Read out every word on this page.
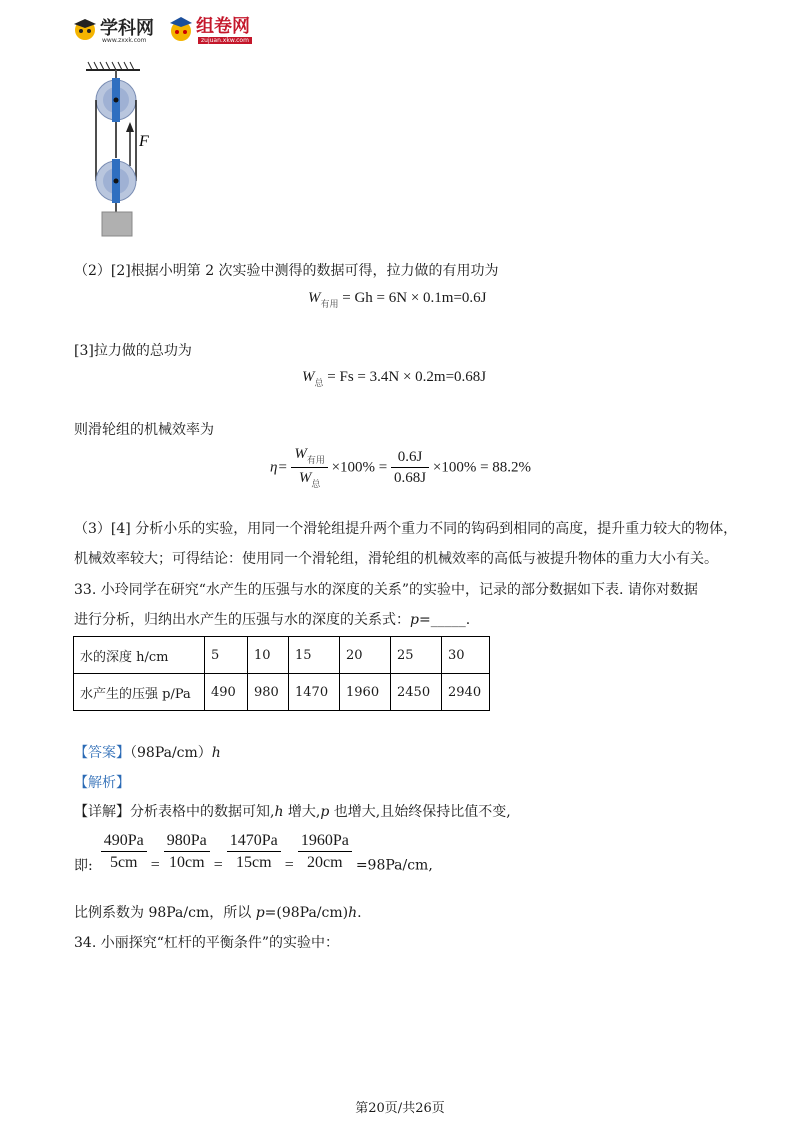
学科网
www.zxxk.com
组卷网
zujuan.xkw.com
F
（2）[2]根据小明第 2 次实验中测得的数据可得，拉力做的有用功为
$W_{有用} = Gh = 6N \times 0.1m=0.6J$
[3]拉力做的总功为
$W_总 = Fs = 3.4N \times 0.2m=0.68J$
则滑轮组的机械效率为
$\eta= \frac{W_{有用}}{W_总} \times 100\% = \frac{0.6J}{0.68J} \times 100\% = 88.2\%$
（3）[4] 分析小乐的实验，用同一个滑轮组提升两个重力不同的钩码到相同的高度，提升重力较大的物体，
机械效率较大；可得结论：使用同一个滑轮组，滑轮组的机械效率的高低与被提升物体的重力大小有关。
33. 小玲同学在研究“水产生的压强与水的深度的关系”的实验中，记录的部分数据如下表. 请你对数据
进行分析，归纳出水产生的压强与水的深度的关系式：p=_____.
水的深度 h/cm	5	10	15	20	25	30
水产生的压强 p/Pa	490	980	1470	1960	2450	2940
【答案】（98Pa/cm）h
【解析】
【详解】分析表格中的数据可知,h 增大,p 也增大,且始终保持比值不变,
即: $\frac{490Pa}{5cm} = \frac{980Pa}{10cm} = \frac{1470Pa}{15cm} = \frac{1960Pa}{20cm} =98Pa/cm$,
比例系数为 98Pa/cm，所以 p=(98Pa/cm)h.
34. 小丽探究“杠杆的平衡条件”的实验中：
第20页/共26页
